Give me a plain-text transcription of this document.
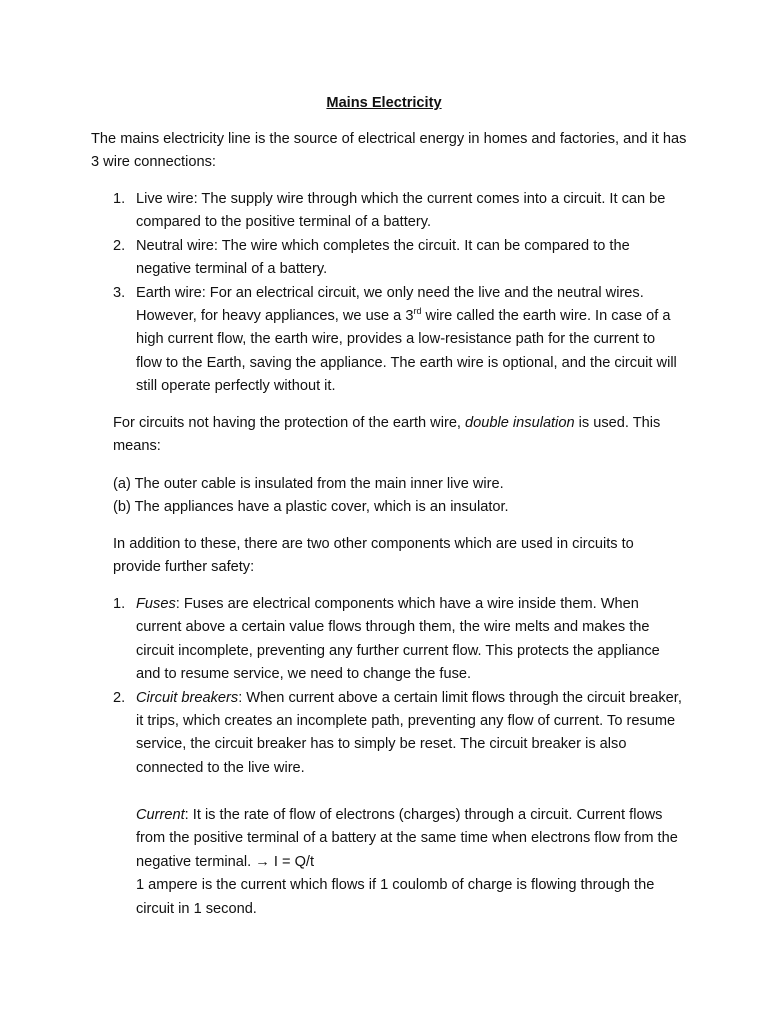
Mains Electricity
The mains electricity line is the source of electrical energy in homes and factories, and it has 3 wire connections:
1. Live wire: The supply wire through which the current comes into a circuit. It can be compared to the positive terminal of a battery.
2. Neutral wire: The wire which completes the circuit. It can be compared to the negative terminal of a battery.
3. Earth wire: For an electrical circuit, we only need the live and the neutral wires. However, for heavy appliances, we use a 3rd wire called the earth wire. In case of a high current flow, the earth wire, provides a low-resistance path for the current to flow to the Earth, saving the appliance. The earth wire is optional, and the circuit will still operate perfectly without it.
For circuits not having the protection of the earth wire, double insulation is used. This means:
(a) The outer cable is insulated from the main inner live wire.
(b) The appliances have a plastic cover, which is an insulator.
In addition to these, there are two other components which are used in circuits to provide further safety:
1. Fuses: Fuses are electrical components which have a wire inside them. When current above a certain value flows through them, the wire melts and makes the circuit incomplete, preventing any further current flow. This protects the appliance and to resume service, we need to change the fuse.
2. Circuit breakers: When current above a certain limit flows through the circuit breaker, it trips, which creates an incomplete path, preventing any flow of current. To resume service, the circuit breaker has to simply be reset. The circuit breaker is also connected to the live wire.
Current: It is the rate of flow of electrons (charges) through a circuit. Current flows from the positive terminal of a battery at the same time when electrons flow from the negative terminal. → I = Q/t
1 ampere is the current which flows if 1 coulomb of charge is flowing through the circuit in 1 second.
